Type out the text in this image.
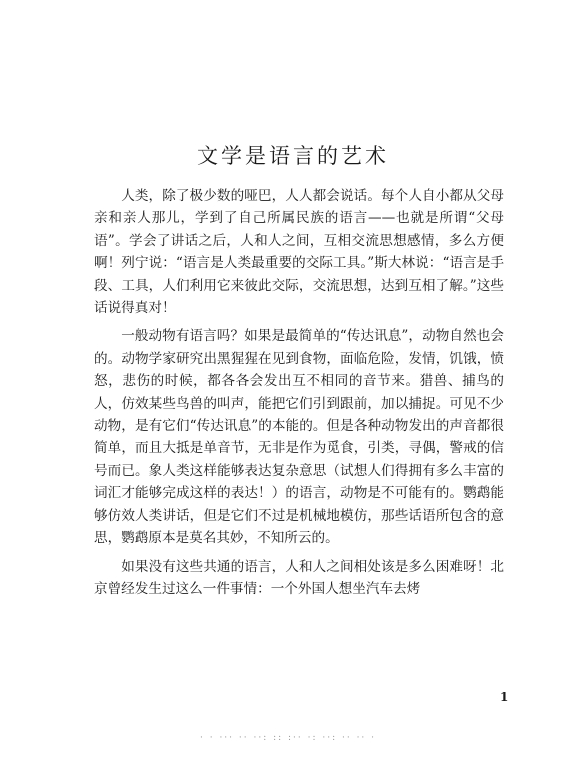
文学是语言的艺术

人类，除了极少数的哑巴，人人都会说话。每个人自小都从父母亲和亲人那儿，学到了自己所属民族的语言——也就是所谓“父母语”。学会了讲话之后，人和人之间，互相交流思想感情，多么方便啊！列宁说：“语言是人类最重要的交际工具。”斯大林说：“语言是手段、工具，人们利用它来彼此交际，交流思想，达到互相了解。”这些话说得真对！

一般动物有语言吗？如果是最简单的“传达讯息”，动物自然也会的。动物学家研究出黑猩猩在见到食物，面临危险，发情，饥饿，愤怒，悲伤的时候，都各各会发出互不相同的音节来。猎兽、捕鸟的人，仿效某些鸟兽的叫声，能把它们引到跟前，加以捕捉。可见不少动物，是有它们“传达讯息”的本能的。但是各种动物发出的声音都很简单，而且大抵是单音节，无非是作为觅食，引类，寻偶，警戒的信号而已。象人类这样能够表达复杂意思（试想人们得拥有多么丰富的词汇才能够完成这样的表达！）的语言，动物是不可能有的。鹦鹉能够仿效人类讲话，但是它们不过是机械地模仿，那些话语所包含的意思，鹦鹉原本是莫名其妙，不知所云的。

如果没有这些共通的语言，人和人之间相处该是多么困难呀！北京曾经发生过这么一件事情：一个外国人想坐汽车去烤

1
· · ··· ·· ··: :: :·· ·: ··: ·· ·· ·
